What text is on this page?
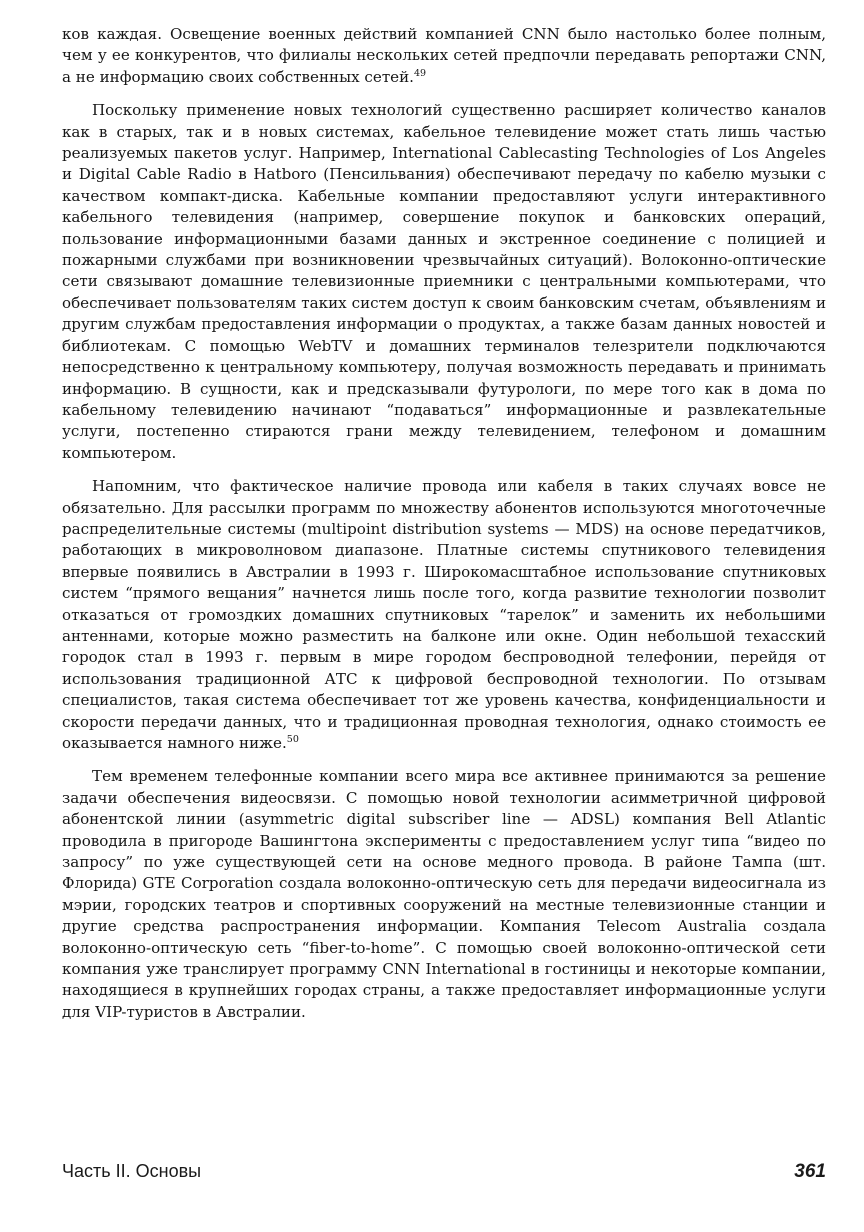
ков каждая. Освещение военных действий компанией CNN было настолько более полным, чем у ее конкурентов, что филиалы нескольких сетей предпочли передавать репортажи CNN, а не информацию своих собственных сетей.$^{49}$

Поскольку применение новых технологий существенно расширяет количество каналов как в старых, так и в новых системах, кабельное телевидение может стать лишь частью реализуемых пакетов услуг. Например, International Cablecasting Technologies of Los Angeles и Digital Cable Radio в Hatboro (Пенсильвания) обеспечивают передачу по кабелю музыки с качеством компакт-диска. Кабельные компании предоставляют услуги интерактивного кабельного телевидения (например, совершение покупок и банковских операций, пользование информационными базами данных и экстренное соединение с полицией и пожарными службами при возникновении чрезвычайных ситуаций). Волоконно-оптические сети связывают домашние телевизионные приемники с центральными компьютерами, что обеспечивает пользователям таких систем доступ к своим банковским счетам, объявлениям и другим службам предоставления информации о продуктах, а также базам данных новостей и библиотекам. С помощью WebTV и домашних терминалов телезрители подключаются непосредственно к центральному компьютеру, получая возможность передавать и принимать информацию. В сущности, как и предсказывали футурологи, по мере того как в дома по кабельному телевидению начинают “подаваться” информационные и развлекательные услуги, постепенно стираются грани между телевидением, телефоном и домашним компьютером.

Напомним, что фактическое наличие провода или кабеля в таких случаях вовсе не обязательно. Для рассылки программ по множеству абонентов используются многоточечные распределительные системы (multipoint distribution systems — MDS) на основе передатчиков, работающих в микроволновом диапазоне. Платные системы спутникового телевидения впервые появились в Австралии в 1993 г. Широкомасштабное использование спутниковых систем “прямого вещания” начнется лишь после того, когда развитие технологии позволит отказаться от громоздких домашних спутниковых “тарелок” и заменить их небольшими антеннами, которые можно разместить на балконе или окне. Один небольшой техасский городок стал в 1993 г. первым в мире городом беспроводной телефонии, перейдя от использования традиционной АТС к цифровой беспроводной технологии. По отзывам специалистов, такая система обеспечивает тот же уровень качества, конфиденциальности и скорости передачи данных, что и традиционная проводная технология, однако стоимость ее оказывается намного ниже.$^{50}$

Тем временем телефонные компании всего мира все активнее принимаются за решение задачи обеспечения видеосвязи. С помощью новой технологии асимметричной цифровой абонентской линии (asymmetric digital subscriber line — ADSL) компания Bell Atlantic проводила в пригороде Вашингтона эксперименты с предоставлением услуг типа “видео по запросу” по уже существующей сети на основе медного провода. В районе Тампа (шт. Флорида) GTE Corporation создала волоконно-оптическую сеть для передачи видеосигнала из мэрии, городских театров и спортивных сооружений на местные телевизионные станции и другие средства распространения информации. Компания Telecom Australia создала волоконно-оптическую сеть “fiber-to-home”. С помощью своей волоконно-оптической сети компания уже транслирует программу CNN International в гостиницы и некоторые компании, находящиеся в крупнейших городах страны, а также предоставляет информационные услуги для VIP-туристов в Австралии.

Часть II. Основы	361
